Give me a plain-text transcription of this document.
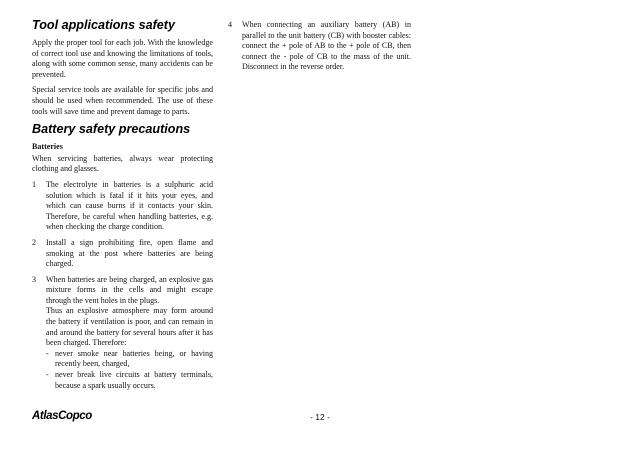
Tool applications safety

Apply the proper tool for each job. With the knowledge of correct tool use and knowing the limitations of tools, along with some common sense, many accidents can be prevented.

Special service tools are available for specific jobs and should be used when recommended. The use of these tools will save time and prevent damage to parts.

Battery safety precautions

Batteries

When servicing batteries, always wear protecting clothing and glasses.

1	The electrolyte in batteries is a sulphuric acid solution which is fatal if it hits your eyes, and which can cause burns if it contacts your skin. Therefore, be careful when handling batteries, e.g. when checking the charge condition.

2	Install a sign prohibiting fire, open flame and smoking at the post where batteries are being charged.

3	When batteries are being charged, an explosive gas mixture forms in the cells and might escape through the vent holes in the plugs.

Thus an explosive atmosphere may form around the battery if ventilation is poor, and can remain in and around the battery for several hours after it has been charged. Therefore:

- never smoke near batteries being, or having recently been, charged,
- never break live circuits at battery terminals, because a spark usually occurs.
4	When connecting an auxiliary battery (AB) in parallel to the unit battery (CB) with booster cables: connect the + pole of AB to the + pole of CB, then connect the - pole of CB to the mass of the unit. Disconnect in the reverse order.

AtlasCopco	- 12 -
